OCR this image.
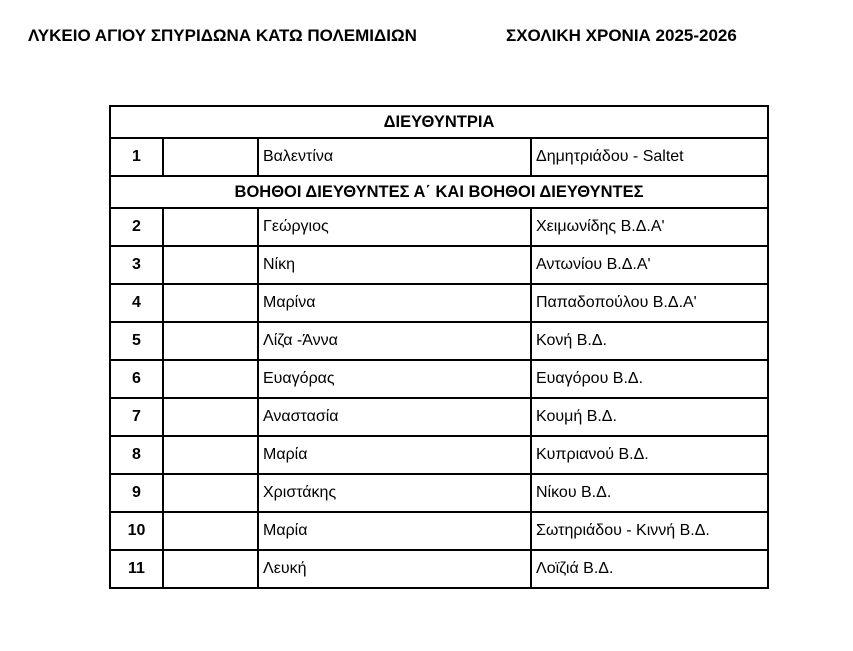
ΛΥΚΕΙΟ ΑΓΙΟΥ ΣΠΥΡΙΔΩΝΑ ΚΑΤΩ ΠΟΛΕΜΙΔΙΩΝ	ΣΧΟΛΙΚΗ ΧΡΟΝΙΑ 2025-2026
ΔΙΕΥΘΥΝΤΡΙΑ			
1		Βαλεντίνα	Δημητριάδου - Saltet
ΒΟΗΘΟΙ ΔΙΕΥΘΥΝΤΕΣ Α΄ ΚΑΙ ΒΟΗΘΟΙ ΔΙΕΥΘΥΝΤΕΣ			
2		Γεώργιος	Χειμωνίδης Β.Δ.Α'
3		Νίκη	Αντωνίου Β.Δ.Α'
4		Μαρίνα	Παπαδοπούλου Β.Δ.Α'
5		Λίζα -Άννα	Κονή Β.Δ.
6		Ευαγόρας	Ευαγόρου Β.Δ.
7		Αναστασία	Κουμή Β.Δ.
8		Μαρία	Κυπριανού Β.Δ.
9		Χριστάκης	Νίκου Β.Δ.
10		Μαρία	Σωτηριάδου - Κιννή Β.Δ.
11		Λευκή	Λοϊζιά Β.Δ.
